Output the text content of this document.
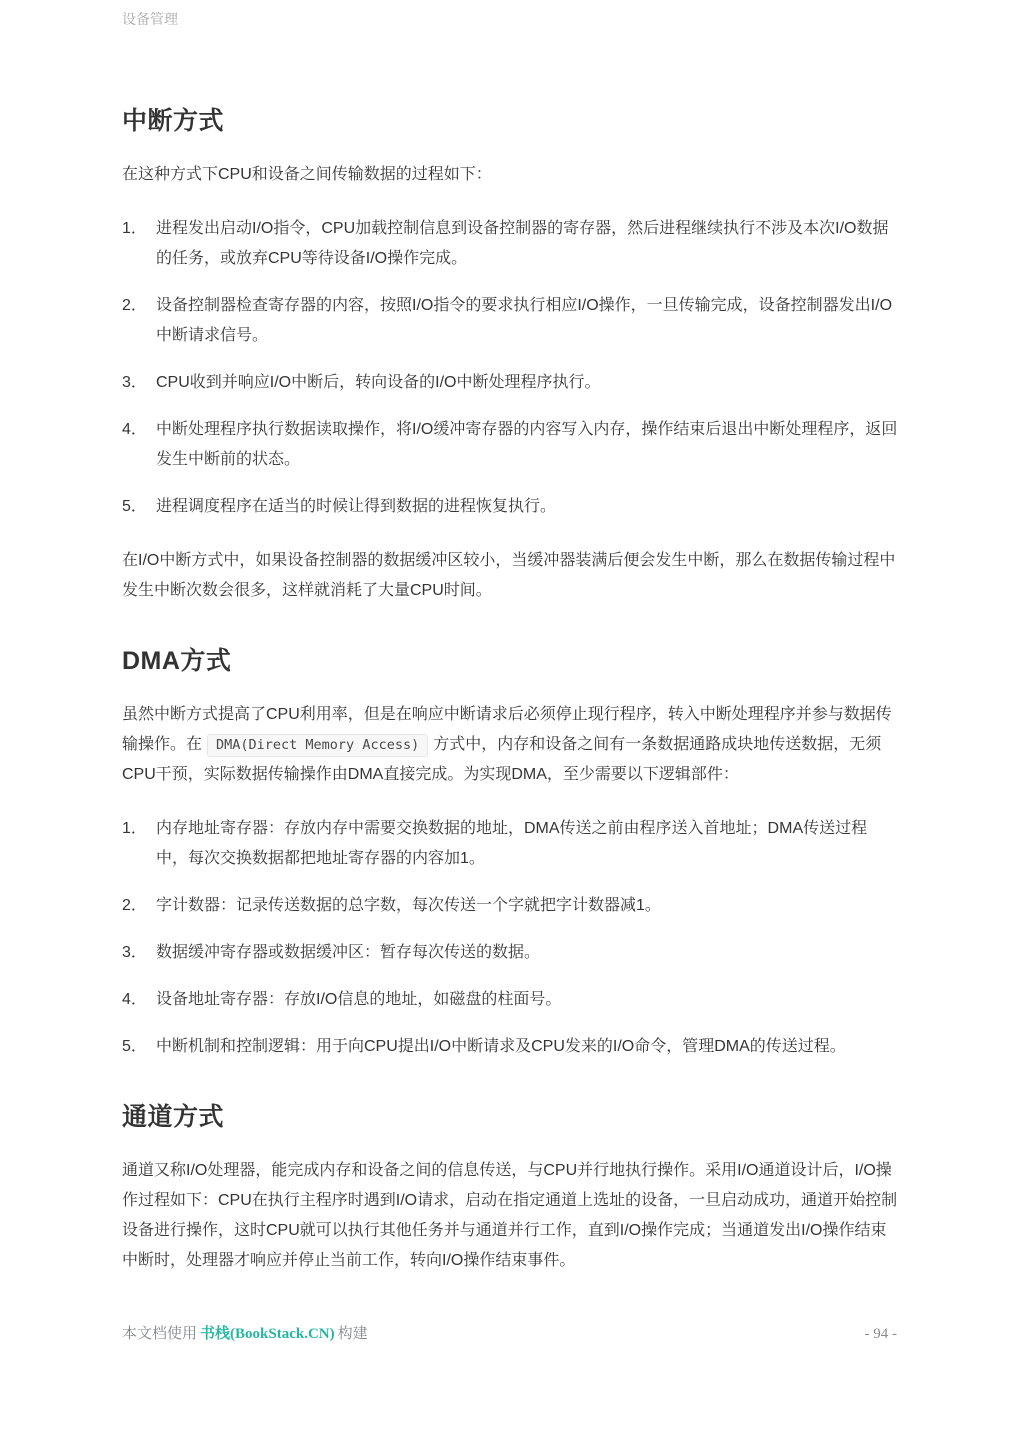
设备管理
中断方式

在这种方式下CPU和设备之间传输数据的过程如下：

1． 进程发出启动I/O指令，CPU加载控制信息到设备控制器的寄存器，然后进程继续执行不涉及本次I/O数据的任务，或放弃CPU等待设备I/O操作完成。
2． 设备控制器检查寄存器的内容，按照I/O指令的要求执行相应I/O操作，一旦传输完成，设备控制器发出I/O中断请求信号。
3． CPU收到并响应I/O中断后，转向设备的I/O中断处理程序执行。
4． 中断处理程序执行数据读取操作，将I/O缓冲寄存器的内容写入内存，操作结束后退出中断处理程序，返回发生中断前的状态。
5． 进程调度程序在适当的时候让得到数据的进程恢复执行。

在I/O中断方式中，如果设备控制器的数据缓冲区较小，当缓冲器装满后便会发生中断，那么在数据传输过程中发生中断次数会很多，这样就消耗了大量CPU时间。

DMA方式

虽然中断方式提高了CPU利用率，但是在响应中断请求后必须停止现行程序，转入中断处理程序并参与数据传输操作。在 DMA(Direct Memory Access) 方式中，内存和设备之间有一条数据通路成块地传送数据，无须CPU干预，实际数据传输操作由DMA直接完成。为实现DMA，至少需要以下逻辑部件：

1． 内存地址寄存器：存放内存中需要交换数据的地址，DMA传送之前由程序送入首地址；DMA传送过程中，每次交换数据都把地址寄存器的内容加1。
2． 字计数器：记录传送数据的总字数，每次传送一个字就把字计数器减1。
3． 数据缓冲寄存器或数据缓冲区：暂存每次传送的数据。
4． 设备地址寄存器：存放I/O信息的地址，如磁盘的柱面号。
5． 中断机制和控制逻辑：用于向CPU提出I/O中断请求及CPU发来的I/O命令，管理DMA的传送过程。
通道方式

通道又称I/O处理器，能完成内存和设备之间的信息传送，与CPU并行地执行操作。采用I/O通道设计后，I/O操作过程如下：CPU在执行主程序时遇到I/O请求，启动在指定通道上选址的设备，一旦启动成功，通道开始控制设备进行操作，这时CPU就可以执行其他任务并与通道并行工作，直到I/O操作完成；当通道发出I/O操作结束中断时，处理器才响应并停止当前工作，转向I/O操作结束事件。

本文档使用 书栈(BookStack.CN) 构建	- 94 -
